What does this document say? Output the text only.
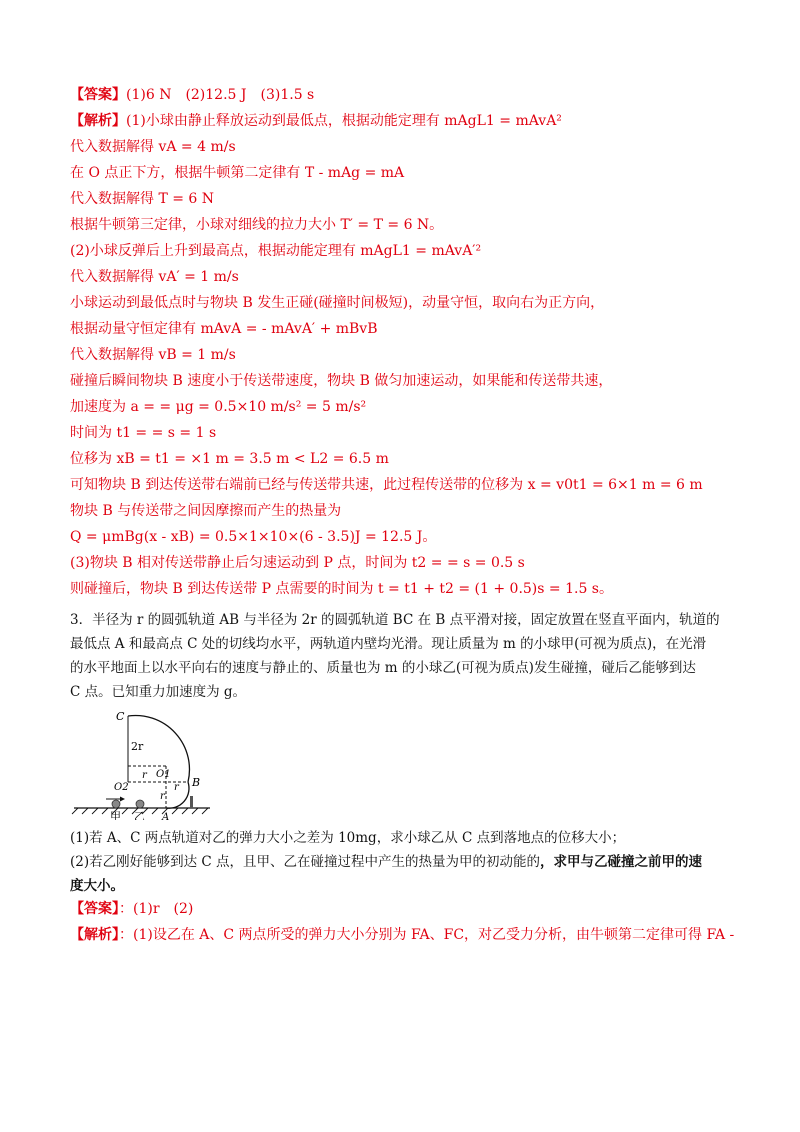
【答案】(1)6 N　(2)12.5 J　(3)1.5 s
【解析】(1)小球由静止释放运动到最低点，根据动能定理有 mAgL1 = mAvA²
代入数据解得 vA = 4 m/s
在 O 点正下方，根据牛顿第二定律有 T - mAg = mA
代入数据解得 T = 6 N
根据牛顿第三定律，小球对细线的拉力大小 T′ = T = 6 N。
(2)小球反弹后上升到最高点，根据动能定理有 mAgL1 = mAvA′²
代入数据解得 vA′ = 1 m/s
小球运动到最低点时与物块 B 发生正碰(碰撞时间极短)，动量守恒，取向右为正方向，
根据动量守恒定律有 mAvA = - mAvA′ + mBvB
代入数据解得 vB = 1 m/s
碰撞后瞬间物块 B 速度小于传送带速度，物块 B 做匀加速运动，如果能和传送带共速，
加速度为 a = = μg = 0.5×10 m/s² = 5 m/s²
时间为 t1 = = s = 1 s
位移为 xB = t1 = ×1 m = 3.5 m < L2 = 6.5 m
可知物块 B 到达传送带右端前已经与传送带共速，此过程传送带的位移为 x = v0t1 = 6×1 m = 6 m
物块 B 与传送带之间因摩擦而产生的热量为
Q = μmBg(x - xB) = 0.5×1×10×(6 - 3.5)J = 12.5 J。
(3)物块 B 相对传送带静止后匀速运动到 P 点，时间为 t2 = = s = 0.5 s
则碰撞后，物块 B 到达传送带 P 点需要的时间为 t = t1 + t2 = (1 + 0.5)s = 1.5 s。
3．半径为 r 的圆弧轨道 AB 与半径为 2r 的圆弧轨道 BC 在 B 点平滑对接，固定放置在竖直平面内，轨道的
最低点 A 和最高点 C 处的切线均水平，两轨道内壁均光滑。现让质量为 m 的小球甲(可视为质点)，在光滑
的水平地面上以水平向右的速度与静止的、质量也为 m 的小球乙(可视为质点)发生碰撞，碰后乙能够到达
C 点。已知重力加速度为 g。
C
2r
r O1
O2	r B
r
甲 乙 A
(1)若 A、C 两点轨道对乙的弹力大小之差为 10mg，求小球乙从 C 点到落地点的位移大小；
(2)若乙刚好能够到达 C 点，且甲、乙在碰撞过程中产生的热量为甲的初动能的，求甲与乙碰撞之前甲的速
度大小。
【答案】：(1)r　(2)
【解析】：(1)设乙在 A、C 两点所受的弹力大小分别为 FA、FC，对乙受力分析，由牛顿第二定律可得 FA -
